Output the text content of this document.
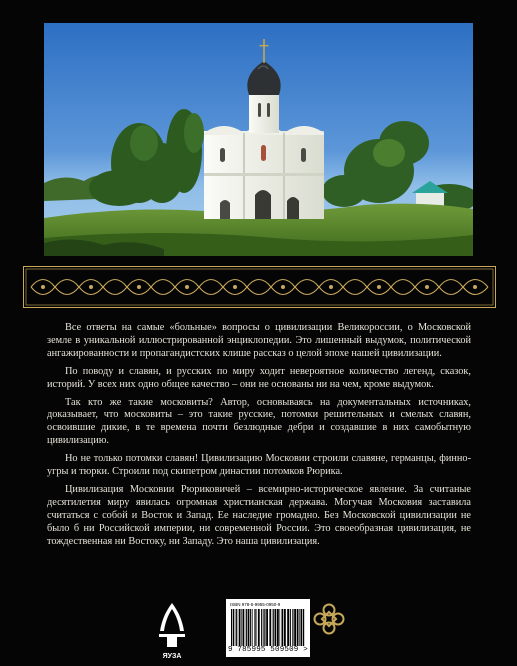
Все ответы на самые «больные» вопросы о цивилизации Великороссии, о Московской земле в уникальной иллюстрированной энциклопедии. Это лишенный выдумок, политической ангажированности и пропагандистских клише рассказ о целой эпохе нашей цивилизации.

По поводу и славян, и русских по миру ходит невероятное количество легенд, сказок, историй. У всех них одно общее качество – они не основаны ни на чем, кроме выдумок.

Так кто же такие московиты? Автор, основываясь на документальных источниках, доказывает, что московиты – это такие русские, потомки решительных и смелых славян, освоившие дикие, в те времена почти безлюдные дебри и создавшие в них самобытную цивилизацию.

Но не только потомки славян! Цивилизацию Московии строили славяне, германцы, финно-угры и тюрки. Строили под скипетром династии потомков Рюрика.

Цивилизация Московии Рюриковичей – всемирно-историческое явление. За считаные десятилетия миру явилась огромная христианская держава. Могучая Московия заставила считаться с собой и Восток и Запад. Ее наследие громадно. Без Московской цивилизации не было б ни Российской империи, ни современной России. Это своеобразная цивилизация, не тождественная ни Востоку, ни Западу. Это наша цивилизация.

ЯУЗА
ISBN 978-5-9955-0950-9
9 785995 509509 >
